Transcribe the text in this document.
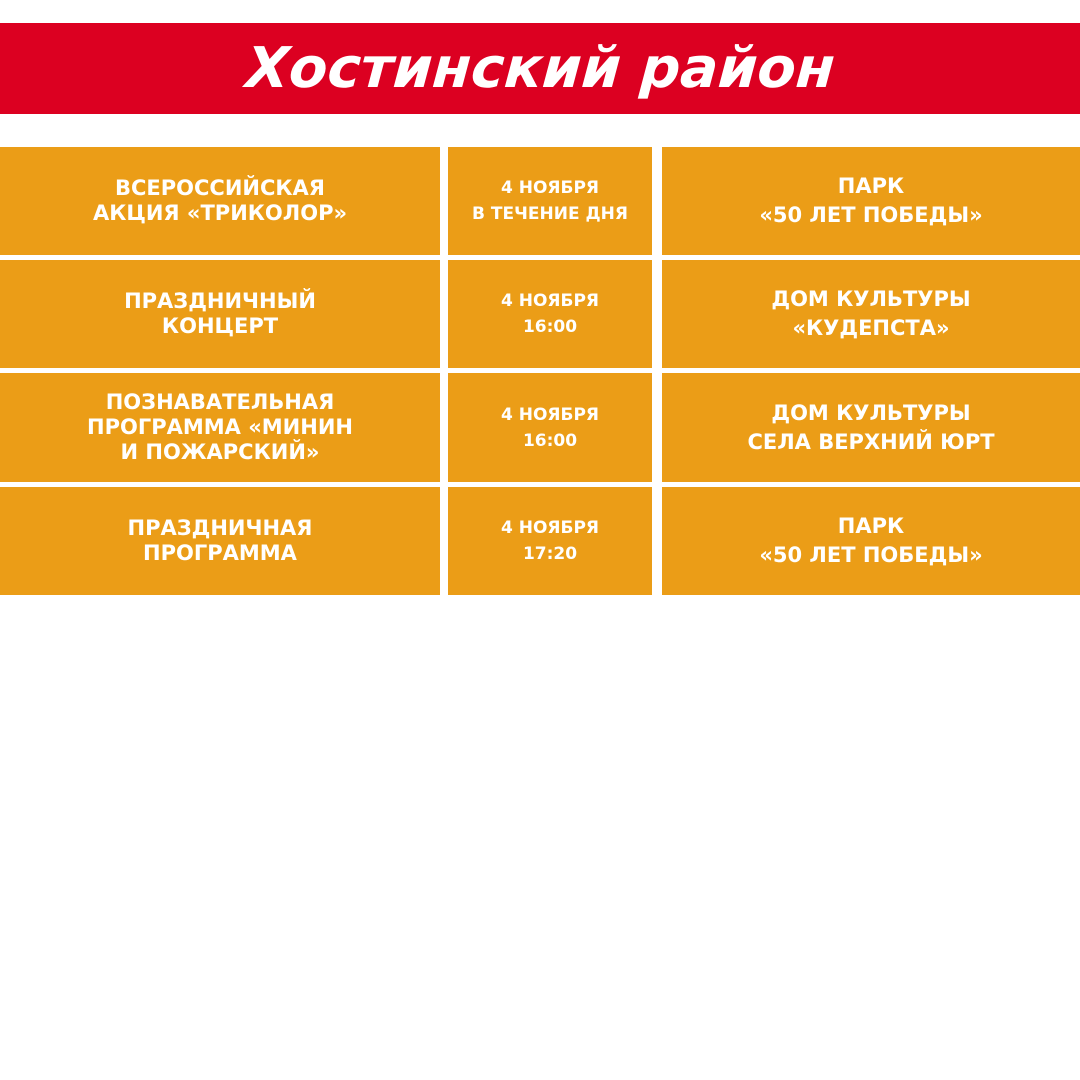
Хостинский район
ВСЕРОССИЙСКАЯ
АКЦИЯ «ТРИКОЛОР»
4 НОЯБРЯ
В ТЕЧЕНИЕ ДНЯ
ПАРК
«50 ЛЕТ ПОБЕДЫ»
ПРАЗДНИЧНЫЙ
КОНЦЕРТ
4 НОЯБРЯ
16:00
ДОМ КУЛЬТУРЫ
«КУДЕПСТА»
ПОЗНАВАТЕЛЬНАЯ
ПРОГРАММА «МИНИН
И ПОЖАРСКИЙ»
4 НОЯБРЯ
16:00
ДОМ КУЛЬТУРЫ
СЕЛА ВЕРХНИЙ ЮРТ
ПРАЗДНИЧНАЯ
ПРОГРАММА
4 НОЯБРЯ
17:20
ПАРК
«50 ЛЕТ ПОБЕДЫ»
